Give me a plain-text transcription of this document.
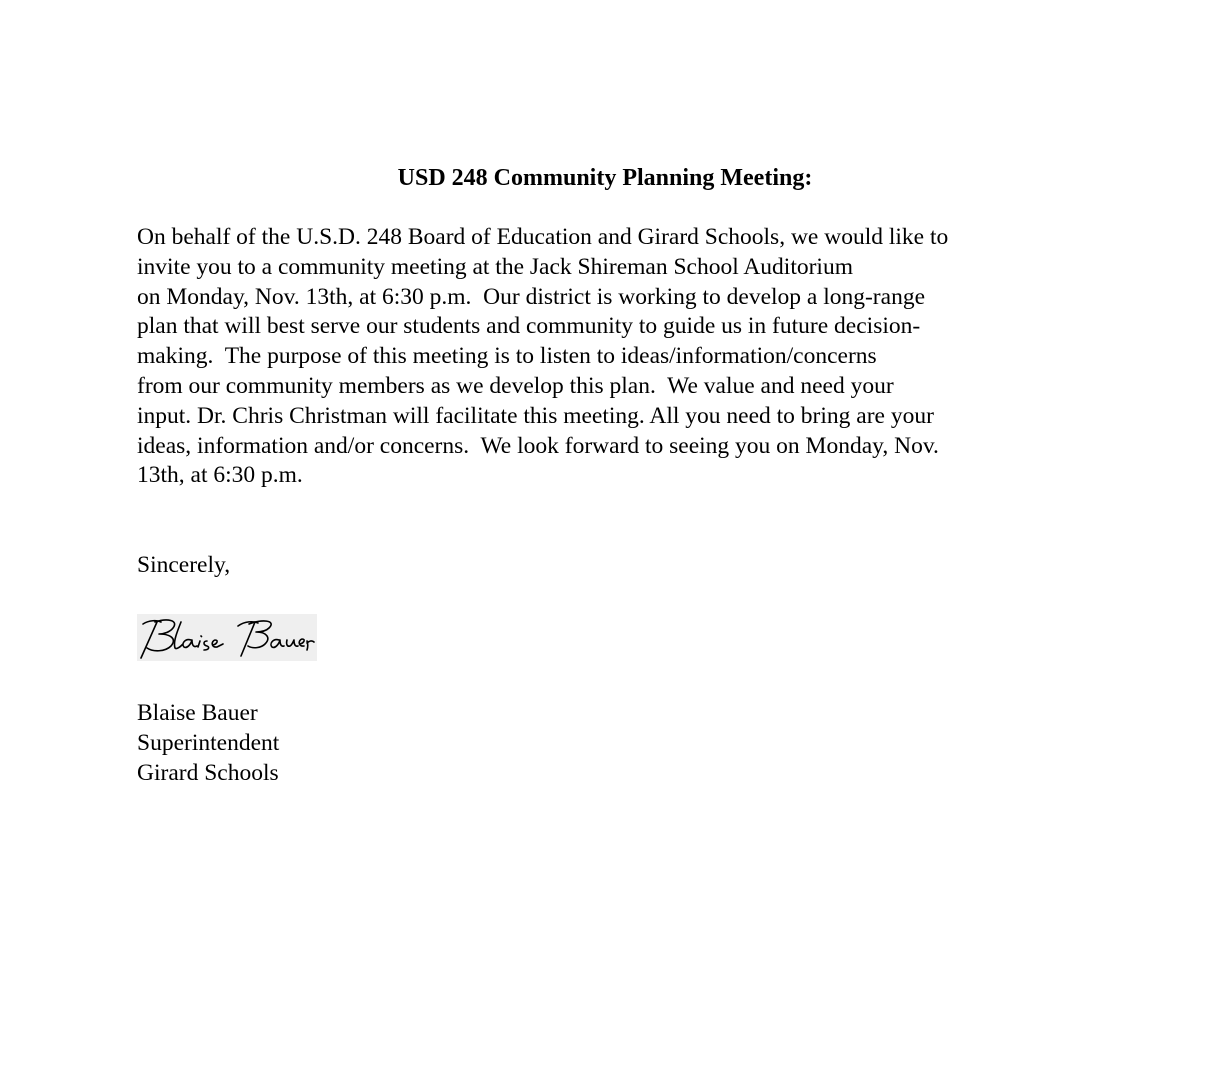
USD 248 Community Planning Meeting:
On behalf of the U.S.D. 248 Board of Education and Girard Schools, we would like to
invite you to a community meeting at the Jack Shireman School Auditorium
on Monday, Nov. 13th, at 6:30 p.m.  Our district is working to develop a long-range
plan that will best serve our students and community to guide us in future decision-
making.  The purpose of this meeting is to listen to ideas/information/concerns
from our community members as we develop this plan.  We value and need your
input. Dr. Chris Christman will facilitate this meeting. All you need to bring are your
ideas, information and/or concerns.  We look forward to seeing you on Monday, Nov.
13th, at 6:30 p.m.
Sincerely,
Blaise Bauer
Superintendent
Girard Schools
